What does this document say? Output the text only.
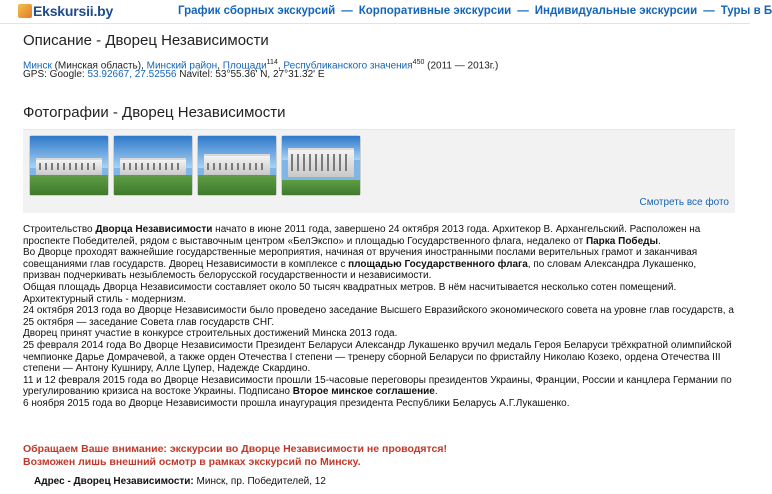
Ekskursii.by	График сборных экскурсий — Корпоративные экскурсии — Индивидуальные экскурсии — Туры в Б
Описание - Дворец Независимости
Минск (Минская область), Минский район, Площади$^{114}$, Республиканского значения$^{450}$ (2011 — 2013г.)
GPS: Google: 53.92667, 27.52556 Navitel: 53°55.36' N, 27°31.32' E
Фотографии - Дворец Независимости
Смотреть все фото

Строительство Дворца Независимости начато в июне 2011 года, завершено 24 октября 2013 года. Архитекор В. Архангельский. Расположен на проспекте Победителей, рядом с выставочным центром «БелЭкспо» и площадью Государственного флага, недалеко от Парка Победы.

Во Дворце проходят важнейшие государственные мероприятия, начиная от вручения иностранными послами верительных грамот и заканчивая совещаниями глав государств. Дворец Независимости в комплексе с площадью Государственного флага, по словам Александра Лукашенко, призван подчеркивать незыблемость белорусской государственности и независимости.

Общая площадь Дворца Независимости составляет около 50 тысяч квадратных метров. В нём насчитывается несколько сотен помещений.

Архитектурный стиль - модернизм.

24 октября 2013 года во Дворце Независимости было проведено заседание Высшего Евразийского экономического совета на уровне глав государств, а 25 октября — заседание Совета глав государств СНГ.

Дворец принят участие в конкурсе строительных достижений Минска 2013 года.

25 февраля 2014 года Во Дворце Независимости Президент Беларуси Александр Лукашенко вручил медаль Героя Беларуси трёхкратной олимпийской чемпионке Дарье Домрачевой, а также орден Отечества I степени — тренеру сборной Беларуси по фристайлу Николаю Козеко, ордена Отечества III степени — Антону Кушниру, Алле Цупер, Надежде Скардино.

11 и 12 февраля 2015 года во Дворце Независимости прошли 15-часовые переговоры президентов Украины, Франции, России и канцлера Германии по урегулированию кризиса на востоке Украины. Подписано Второе минское соглашение.

6 ноября 2015 года во Дворце Независимости прошла инаугурация президента Республики Беларусь А.Г.Лукашенко.

Обращаем Ваше внимание: экскурсии во Дворце Независимости не проводятся!
Возможен лишь внешний осмотр в рамках экскурсий по Минску.
Адрес - Дворец Независимости: Минск, пр. Победителей, 12
